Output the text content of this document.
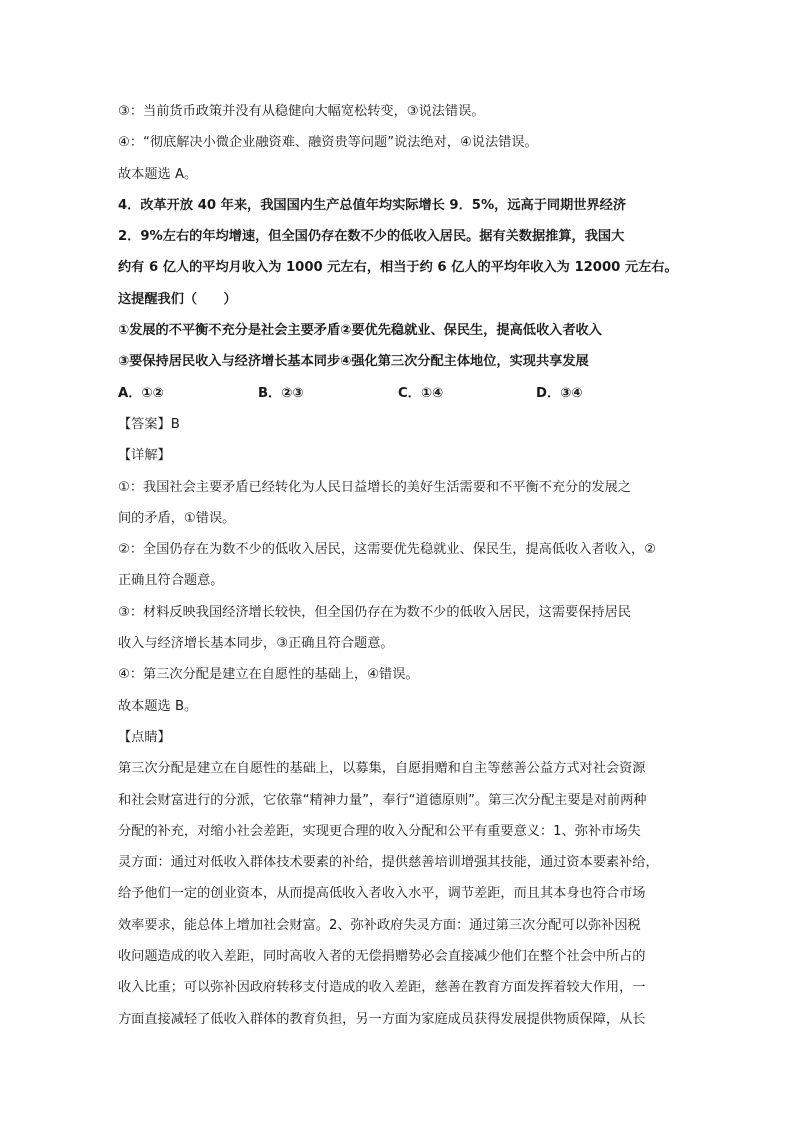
③：当前货币政策并没有从稳健向大幅宽松转变，③说法错误。
④：“彻底解决小微企业融资难、融资贵等问题”说法绝对，④说法错误。
故本题选 A。
4．改革开放 40 年来，我国国内生产总值年均实际增长 9．5%，远高于同期世界经济
2．9%左右的年均增速，但全国仍存在数不少的低收入居民。据有关数据推算，我国大
约有 6 亿人的平均月收入为 1000 元左右，相当于约 6 亿人的平均年收入为 12000 元左右。
这提醒我们（　　）
①发展的不平衡不充分是社会主要矛盾②要优先稳就业、保民生，提高低收入者收入
③要保持居民收入与经济增长基本同步④强化第三次分配主体地位，实现共享发展
A．①②	B．②③	C．①④	D．③④
【答案】B
【详解】
①：我国社会主要矛盾已经转化为人民日益增长的美好生活需要和不平衡不充分的发展之
间的矛盾，①错误。
②：全国仍存在为数不少的低收入居民，这需要优先稳就业、保民生，提高低收入者收入，②
正确且符合题意。
③：材料反映我国经济增长较快，但全国仍存在为数不少的低收入居民，这需要保持居民
收入与经济增长基本同步，③正确且符合题意。
④：第三次分配是建立在自愿性的基础上，④错误。
故本题选 B。
【点睛】
第三次分配是建立在自愿性的基础上，以募集，自愿捐赠和自主等慈善公益方式对社会资源
和社会财富进行的分派，它依靠“精神力量”，奉行“道德原则”。第三次分配主要是对前两种
分配的补充，对缩小社会差距，实现更合理的收入分配和公平有重要意义：1、弥补市场失
灵方面：通过对低收入群体技术要素的补给，提供慈善培训增强其技能，通过资本要素补给，
给予他们一定的创业资本，从而提高低收入者收入水平，调节差距，而且其本身也符合市场
效率要求，能总体上增加社会财富。2、弥补政府失灵方面：通过第三次分配可以弥补因税
收问题造成的收入差距，同时高收入者的无偿捐赠势必会直接减少他们在整个社会中所占的
收入比重；可以弥补因政府转移支付造成的收入差距，慈善在教育方面发挥着较大作用，一
方面直接减轻了低收入群体的教育负担，另一方面为家庭成员获得发展提供物质保障，从长
